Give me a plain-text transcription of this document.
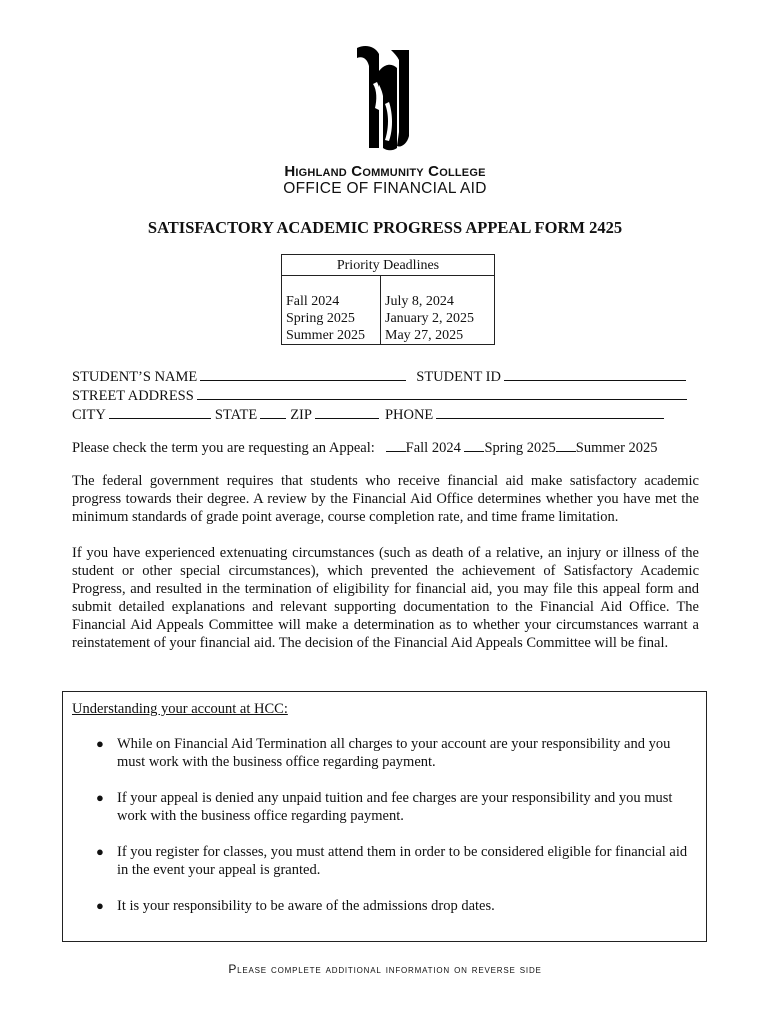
Highland Community College
OFFICE OF FINANCIAL AID
SATISFACTORY ACADEMIC PROGRESS APPEAL FORM 2425
Priority Deadlines	

Fall 2024	July 8, 2024
Spring 2025	January 2, 2025
Summer 2025	May 27, 2025
STUDENT’S NAME	STUDENT ID
STREET ADDRESS
CITY	STATE ZIP	PHONE
Please check the term you are requesting an Appeal: Fall 2024 Spring 2025 Summer 2025

The federal government requires that students who receive financial aid make satisfactory academic progress towards their degree. A review by the Financial Aid Office determines whether you have met the minimum standards of grade point average, course completion rate, and time frame limitation.

If you have experienced extenuating circumstances (such as death of a relative, an injury or illness of the student or other special circumstances), which prevented the achievement of Satisfactory Academic Progress, and resulted in the termination of eligibility for financial aid, you may file this appeal form and submit detailed explanations and relevant supporting documentation to the Financial Aid Office. The Financial Aid Appeals Committee will make a determination as to whether your circumstances warrant a reinstatement of your financial aid. The decision of the Financial Aid Appeals Committee will be final.

Understanding your account at HCC:
● While on Financial Aid Termination all charges to your account are your responsibility and you must work with the business office regarding payment.
● If your appeal is denied any unpaid tuition and fee charges are your responsibility and you must work with the business office regarding payment.
● If you register for classes, you must attend them in order to be considered eligible for financial aid in the event your appeal is granted.
● It is your responsibility to be aware of the admissions drop dates.
Please complete additional information on reverse side
